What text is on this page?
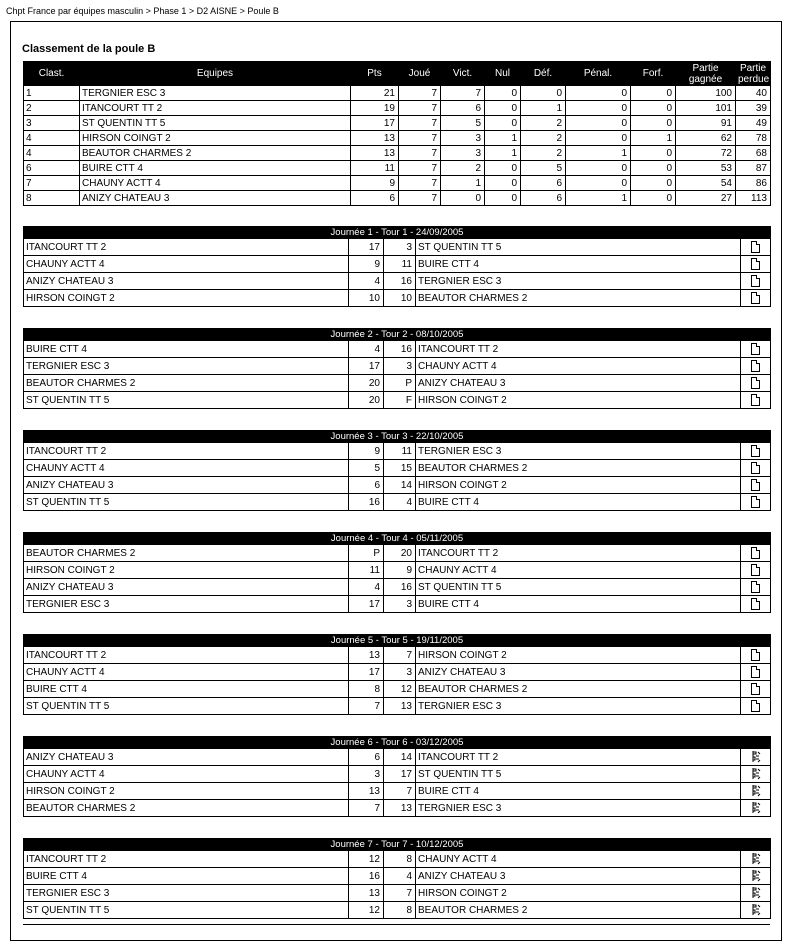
Chpt France par équipes masculin > Phase 1 > D2 AISNE > Poule B
Classement de la poule B
Clast.	Equipes	Pts	Joué	Vict.	Nul	Déf.	Pénal.	Forf.	Partie gagnée	Partie perdue
1	TERGNIER ESC 3	21	7	7	0	0	0	0	100	40
2	ITANCOURT TT 2	19	7	6	0	1	0	0	101	39
3	ST QUENTIN TT 5	17	7	5	0	2	0	0	91	49
4	HIRSON COINGT 2	13	7	3	1	2	0	1	62	78
4	BEAUTOR CHARMES 2	13	7	3	1	2	1	0	72	68
6	BUIRE CTT 4	11	7	2	0	5	0	0	53	87
7	CHAUNY ACTT 4	9	7	1	0	6	0	0	54	86
8	ANIZY CHATEAU 3	6	7	0	0	6	1	0	27	113
Journée 1 - Tour 1 - 24/09/2005				
ITANCOURT TT 2	17	3	ST QUENTIN TT 5	
CHAUNY ACTT 4	9	11	BUIRE CTT 4	
ANIZY CHATEAU 3	4	16	TERGNIER ESC 3	
HIRSON COINGT 2	10	10	BEAUTOR CHARMES 2	
Journée 2 - Tour 2 - 08/10/2005				
BUIRE CTT 4	4	16	ITANCOURT TT 2	
TERGNIER ESC 3	17	3	CHAUNY ACTT 4	
BEAUTOR CHARMES 2	20	P	ANIZY CHATEAU 3	
ST QUENTIN TT 5	20	F	HIRSON COINGT 2	
Journée 3 - Tour 3 - 22/10/2005				
ITANCOURT TT 2	9	11	TERGNIER ESC 3	
CHAUNY ACTT 4	5	15	BEAUTOR CHARMES 2	
ANIZY CHATEAU 3	6	14	HIRSON COINGT 2	
ST QUENTIN TT 5	16	4	BUIRE CTT 4	
Journée 4 - Tour 4 - 05/11/2005				
BEAUTOR CHARMES 2	P	20	ITANCOURT TT 2	
HIRSON COINGT 2	11	9	CHAUNY ACTT 4	
ANIZY CHATEAU 3	4	16	ST QUENTIN TT 5	
TERGNIER ESC 3	17	3	BUIRE CTT 4	
Journée 5 - Tour 5 - 19/11/2005				
ITANCOURT TT 2	13	7	HIRSON COINGT 2	
CHAUNY ACTT 4	17	3	ANIZY CHATEAU 3	
BUIRE CTT 4	8	12	BEAUTOR CHARMES 2	
ST QUENTIN TT 5	7	13	TERGNIER ESC 3	
Journée 6 - Tour 6 - 03/12/2005				
ANIZY CHATEAU 3	6	14	ITANCOURT TT 2	
CHAUNY ACTT 4	3	17	ST QUENTIN TT 5	
HIRSON COINGT 2	13	7	BUIRE CTT 4	
BEAUTOR CHARMES 2	7	13	TERGNIER ESC 3	
Journée 7 - Tour 7 - 10/12/2005				
ITANCOURT TT 2	12	8	CHAUNY ACTT 4	
BUIRE CTT 4	16	4	ANIZY CHATEAU 3	
TERGNIER ESC 3	13	7	HIRSON COINGT 2	
ST QUENTIN TT 5	12	8	BEAUTOR CHARMES 2	
